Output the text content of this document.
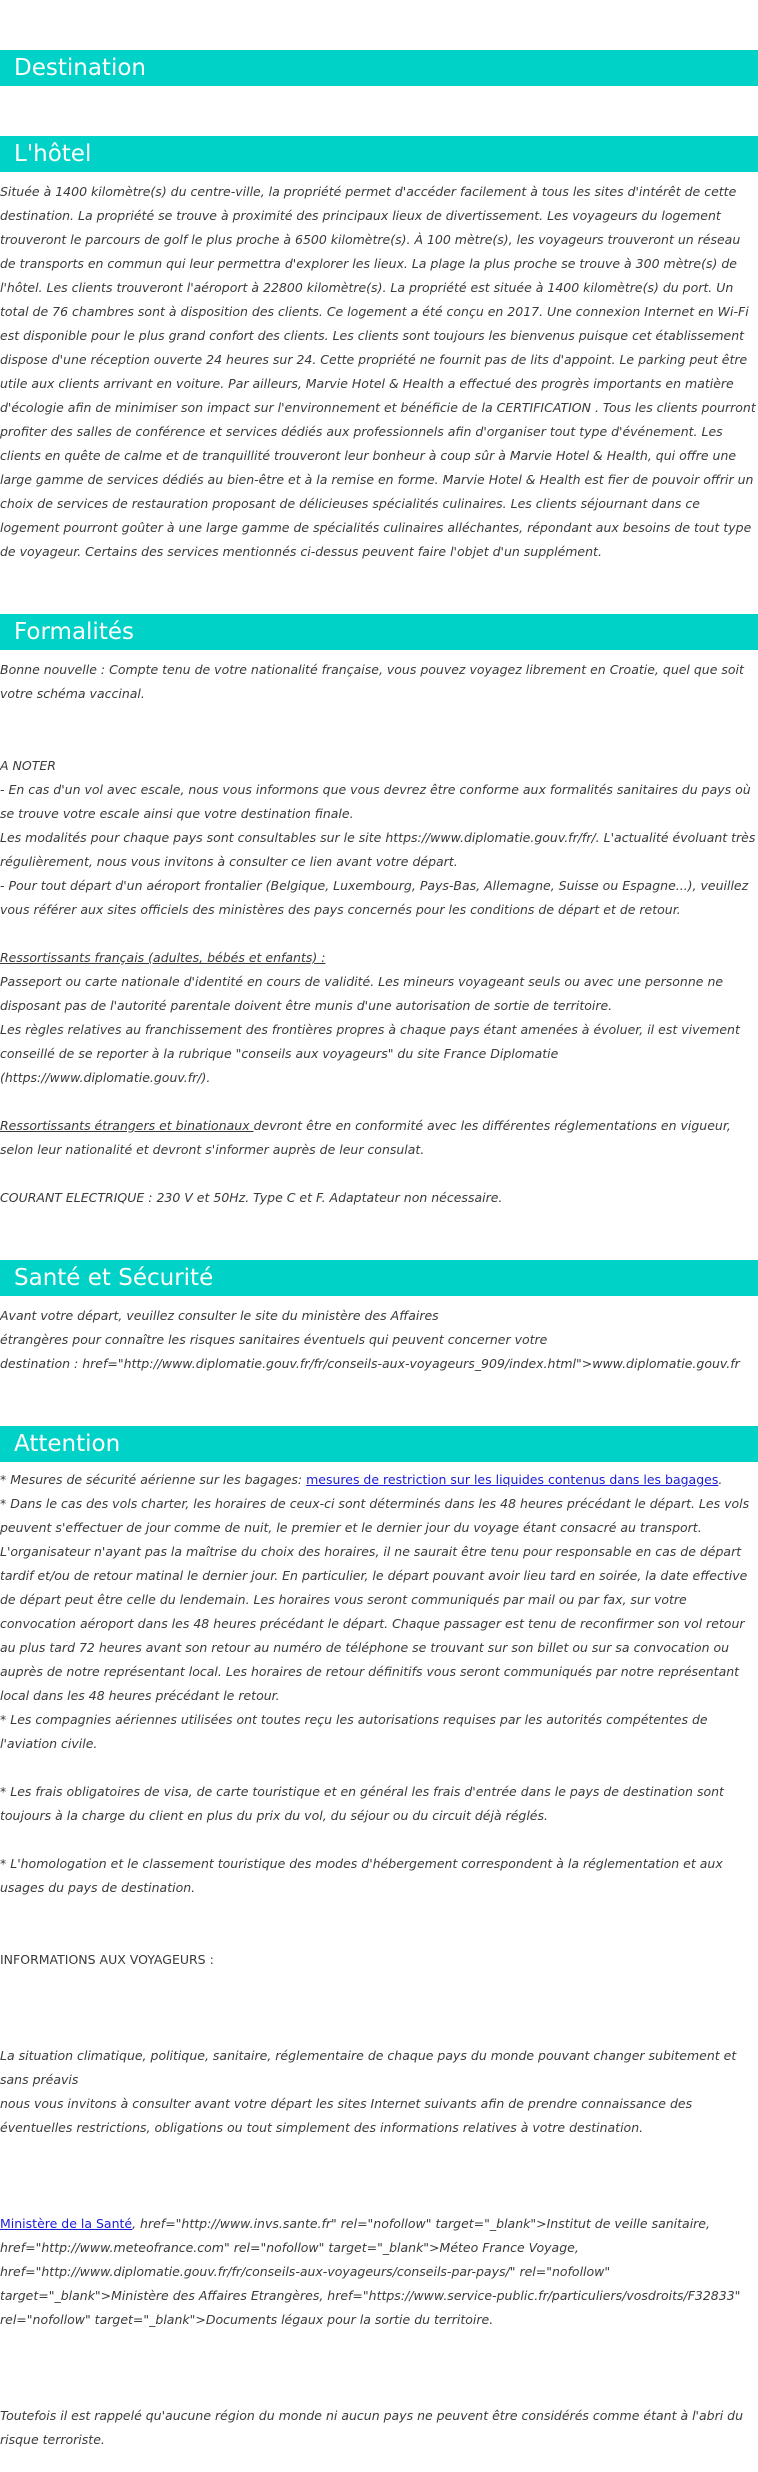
Destination
L'hôtel

Située à 1400 kilomètre(s) du centre-ville, la propriété permet d'accéder facilement à tous les sites d'intérêt de cette destination. La propriété se trouve à proximité des principaux lieux de divertissement. Les voyageurs du logement trouveront le parcours de golf le plus proche à 6500 kilomètre(s). À 100 mètre(s), les voyageurs trouveront un réseau de transports en commun qui leur permettra d'explorer les lieux. La plage la plus proche se trouve à 300 mètre(s) de l'hôtel. Les clients trouveront l'aéroport à 22800 kilomètre(s). La propriété est située à 1400 kilomètre(s) du port. Un total de 76 chambres sont à disposition des clients. Ce logement a été conçu en 2017. Une connexion Internet en Wi-Fi est disponible pour le plus grand confort des clients. Les clients sont toujours les bienvenus puisque cet établissement dispose d'une réception ouverte 24 heures sur 24. Cette propriété ne fournit pas de lits d'appoint. Le parking peut être utile aux clients arrivant en voiture. Par ailleurs, Marvie Hotel & Health a effectué des progrès importants en matière d'écologie afin de minimiser son impact sur l'environnement et bénéficie de la CERTIFICATION . Tous les clients pourront profiter des salles de conférence et services dédiés aux professionnels afin d'organiser tout type d'événement. Les clients en quête de calme et de tranquillité trouveront leur bonheur à coup sûr à Marvie Hotel & Health, qui offre une large gamme de services dédiés au bien-être et à la remise en forme. Marvie Hotel & Health est fier de pouvoir offrir un choix de services de restauration proposant de délicieuses spécialités culinaires. Les clients séjournant dans ce logement pourront goûter à une large gamme de spécialités culinaires alléchantes, répondant aux besoins de tout type de voyageur. Certains des services mentionnés ci-dessus peuvent faire l'objet d'un supplément.

Formalités

Bonne nouvelle : Compte tenu de votre nationalité française, vous pouvez voyagez librement en Croatie, quel que soit votre schéma vaccinal.

A NOTER

- En cas d'un vol avec escale, nous vous informons que vous devrez être conforme aux formalités sanitaires du pays où se trouve votre escale ainsi que votre destination finale.

Les modalités pour chaque pays sont consultables sur le site https://www.diplomatie.gouv.fr/fr/. L'actualité évoluant très régulièrement, nous vous invitons à consulter ce lien avant votre départ.

- Pour tout départ d'un aéroport frontalier (Belgique, Luxembourg, Pays-Bas, Allemagne, Suisse ou Espagne...), veuillez vous référer aux sites officiels des ministères des pays concernés pour les conditions de départ et de retour.

Ressortissants français (adultes, bébés et enfants) :

Passeport ou carte nationale d'identité en cours de validité. Les mineurs voyageant seuls ou avec une personne ne disposant pas de l'autorité parentale doivent être munis d'une autorisation de sortie de territoire.

Les règles relatives au franchissement des frontières propres à chaque pays étant amenées à évoluer, il est vivement conseillé de se reporter à la rubrique "conseils aux voyageurs" du site France Diplomatie (https://www.diplomatie.gouv.fr/).

Ressortissants étrangers et binationaux devront être en conformité avec les différentes réglementations en vigueur, selon leur nationalité et devront s'informer auprès de leur consulat.

COURANT ELECTRIQUE : 230 V et 50Hz. Type C et F. Adaptateur non nécessaire.

Santé et Sécurité

Avant votre départ, veuillez consulter le site du ministère des Affaires

étrangères pour connaître les risques sanitaires éventuels qui peuvent concerner votre

destination : href="http://www.diplomatie.gouv.fr/fr/conseils-aux-voyageurs_909/index.html">www.diplomatie.gouv.fr

Attention

* Mesures de sécurité aérienne sur les bagages: mesures de restriction sur les liquides contenus dans les bagages.

* Dans le cas des vols charter, les horaires de ceux-ci sont déterminés dans les 48 heures précédant le départ. Les vols peuvent s'effectuer de jour comme de nuit, le premier et le dernier jour du voyage étant consacré au transport. L'organisateur n'ayant pas la maîtrise du choix des horaires, il ne saurait être tenu pour responsable en cas de départ tardif et/ou de retour matinal le dernier jour. En particulier, le départ pouvant avoir lieu tard en soirée, la date effective de départ peut être celle du lendemain. Les horaires vous seront communiqués par mail ou par fax, sur votre convocation aéroport dans les 48 heures précédant le départ. Chaque passager est tenu de reconfirmer son vol retour au plus tard 72 heures avant son retour au numéro de téléphone se trouvant sur son billet ou sur sa convocation ou auprès de notre représentant local. Les horaires de retour définitifs vous seront communiqués par notre représentant local dans les 48 heures précédant le retour.

* Les compagnies aériennes utilisées ont toutes reçu les autorisations requises par les autorités compétentes de l'aviation civile.

* Les frais obligatoires de visa, de carte touristique et en général les frais d'entrée dans le pays de destination sont toujours à la charge du client en plus du prix du vol, du séjour ou du circuit déjà réglés.

* L'homologation et le classement touristique des modes d'hébergement correspondent à la réglementation et aux usages du pays de destination.

INFORMATIONS AUX VOYAGEURS :

La situation climatique, politique, sanitaire, réglementaire de chaque pays du monde pouvant changer subitement et sans préavis

nous vous invitons à consulter avant votre départ les sites Internet suivants afin de prendre connaissance des éventuelles restrictions, obligations ou tout simplement des informations relatives à votre destination.

Ministère de la Santé, href="http://www.invs.sante.fr" rel="nofollow" target="_blank">Institut de veille sanitaire, href="http://www.meteofrance.com" rel="nofollow" target="_blank">Méteo France Voyage, href="http://www.diplomatie.gouv.fr/fr/conseils-aux-voyageurs/conseils-par-pays/" rel="nofollow" target="_blank">Ministère des Affaires Etrangères, href="https://www.service-public.fr/particuliers/vosdroits/F32833" rel="nofollow" target="_blank">Documents légaux pour la sortie du territoire.

Toutefois il est rappelé qu'aucune région du monde ni aucun pays ne peuvent être considérés comme étant à l'abri du risque terroriste.
